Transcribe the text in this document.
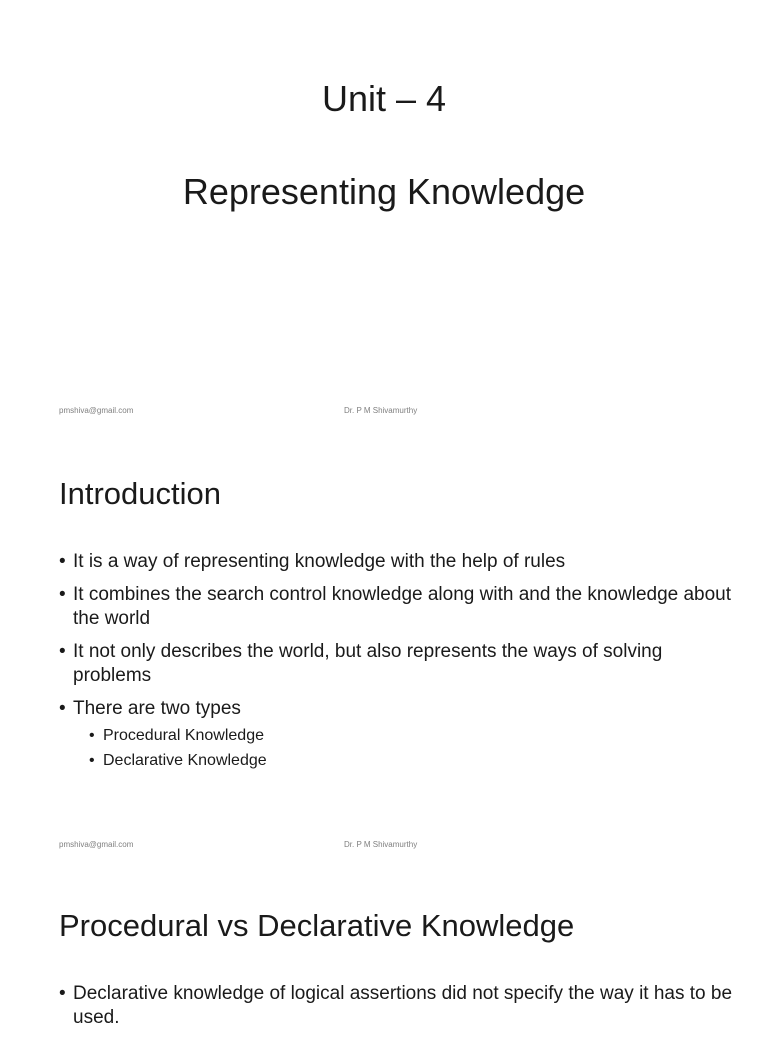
Unit – 4
Representing Knowledge
pmshiva@gmail.com	Dr. P M Shivamurthy
Introduction
• It is a way of representing knowledge with the help of rules
• It combines the search control knowledge along with and the knowledge about the world
• It not only describes the world, but also represents the ways of solving problems
• There are two types
• Procedural Knowledge
• Declarative Knowledge
pmshiva@gmail.com	Dr. P M Shivamurthy
Procedural vs Declarative Knowledge
• Declarative knowledge of logical assertions did not specify the way it has to be used.
